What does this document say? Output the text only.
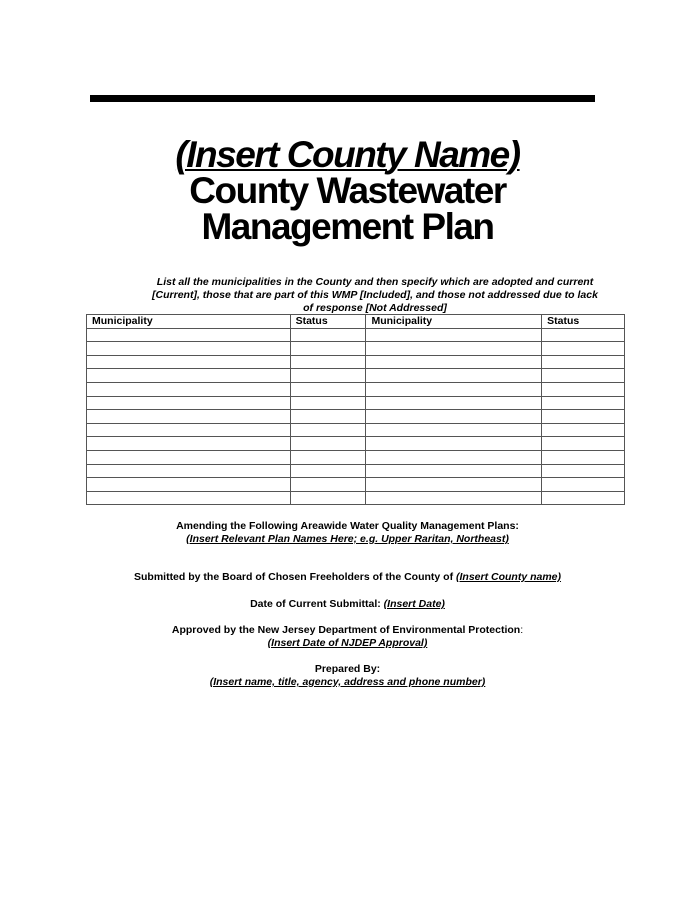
(Insert County Name)
County Wastewater
Management Plan
List all the municipalities in the County and then specify which are adopted and current [Current], those that are part of this WMP [Included], and those not addressed due to lack of response [Not Addressed]
Municipality	Status	Municipality	Status

Amending the Following Areawide Water Quality Management Plans:
(Insert Relevant Plan Names Here; e.g. Upper Raritan, Northeast)
Submitted by the Board of Chosen Freeholders of the County of (Insert County name)
Date of Current Submittal: (Insert Date)
Approved by the New Jersey Department of Environmental Protection:
(Insert Date of NJDEP Approval)
Prepared By:
(Insert name, title, agency, address and phone number)
